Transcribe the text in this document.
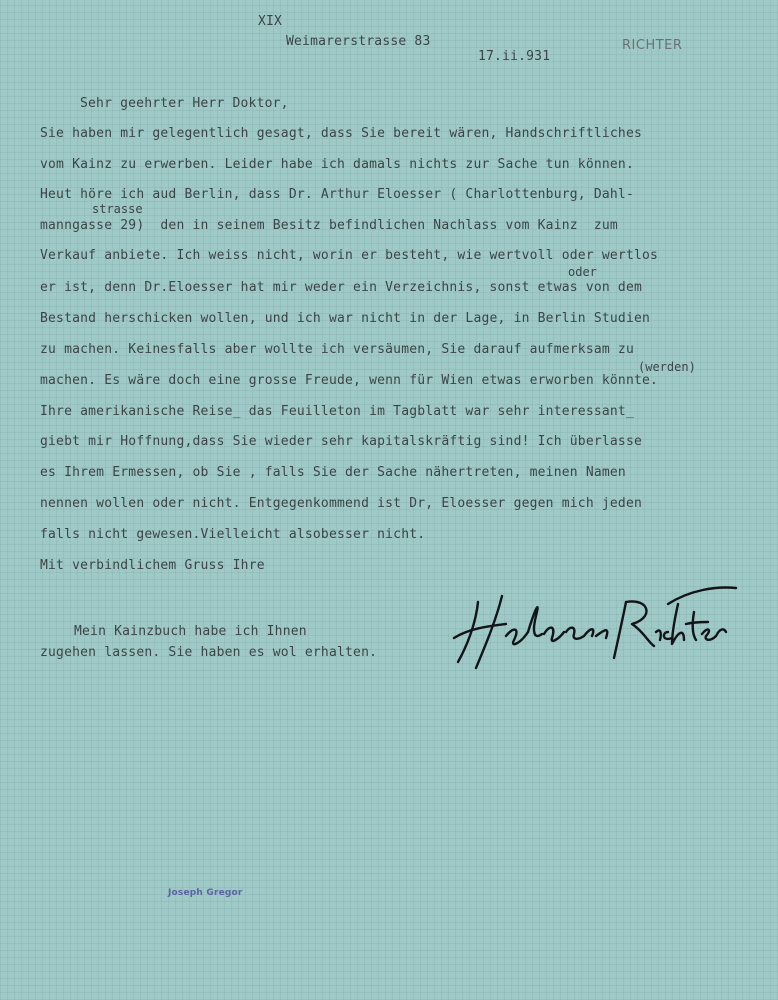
XIX
Weimarerstrasse 83
17.ii.931
RICHTER
Sehr geehrter Herr Doktor,
Sie haben mir gelegentlich gesagt, dass Sie bereit wären, Handschriftliches
vom Kainz zu erwerben. Leider habe ich damals nichts zur Sache tun können.
Heut höre ich aud Berlin, dass Dr. Arthur Eloesser ( Charlottenburg, Dahl-
strasse
manngasse 29)  den in seinem Besitz befindlichen Nachlass vom Kainz  zum
Verkauf anbiete. Ich weiss nicht, worin er besteht, wie wertvoll oder wertlos
oder
er ist, denn Dr.Eloesser hat mir weder ein Verzeichnis, sonst etwas von dem
Bestand herschicken wollen, und ich war nicht in der Lage, in Berlin Studien
zu machen. Keinesfalls aber wollte ich versäumen, Sie darauf aufmerksam zu
(werden)
machen. Es wäre doch eine grosse Freude, wenn für Wien etwas erworben könnte.
Ihre amerikanische Reise_ das Feuilleton im Tagblatt war sehr interessant_
giebt mir Hoffnung,dass Sie wieder sehr kapitalskräftig sind! Ich überlasse
es Ihrem Ermessen, ob Sie , falls Sie der Sache nähertreten, meinen Namen
nennen wollen oder nicht. Entgegenkommend ist Dr, Eloesser gegen mich jeden
falls nicht gewesen.Vielleicht alsobesser nicht.
Mit verbindlichem Gruss Ihre
Mein Kainzbuch habe ich Ihnen
zugehen lassen. Sie haben es wol erhalten.
Joseph Gregor
